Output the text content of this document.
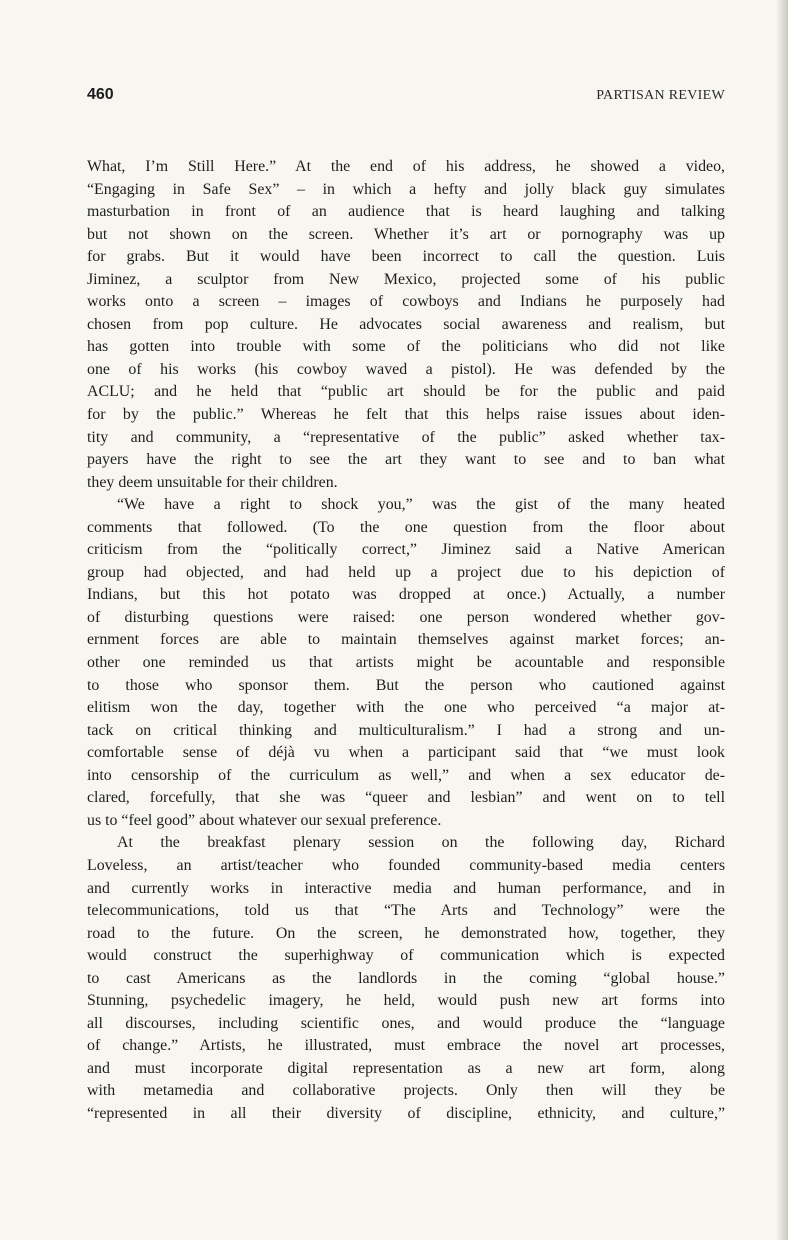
460	PARTISAN REVIEW

What, I’m Still Here.” At the end of his address, he showed a video,

“Engaging in Safe Sex” – in which a hefty and jolly black guy simulates

masturbation in front of an audience that is heard laughing and talking

but not shown on the screen. Whether it’s art or pornography was up

for grabs. But it would have been incorrect to call the question. Luis

Jiminez, a sculptor from New Mexico, projected some of his public

works onto a screen – images of cowboys and Indians he purposely had

chosen from pop culture. He advocates social awareness and realism, but

has gotten into trouble with some of the politicians who did not like

one of his works (his cowboy waved a pistol). He was defended by the

ACLU; and he held that “public art should be for the public and paid

for by the public.” Whereas he felt that this helps raise issues about iden-

tity and community, a “representative of the public” asked whether tax-

payers have the right to see the art they want to see and to ban what

they deem unsuitable for their children.

“We have a right to shock you,” was the gist of the many heated

comments that followed. (To the one question from the floor about

criticism from the “politically correct,” Jiminez said a Native American

group had objected, and had held up a project due to his depiction of

Indians, but this hot potato was dropped at once.) Actually, a number

of disturbing questions were raised: one person wondered whether gov-

ernment forces are able to maintain themselves against market forces; an-

other one reminded us that artists might be acountable and responsible

to those who sponsor them. But the person who cautioned against

elitism won the day, together with the one who perceived “a major at-

tack on critical thinking and multiculturalism.” I had a strong and un-

comfortable sense of déjà vu when a participant said that “we must look

into censorship of the curriculum as well,” and when a sex educator de-

clared, forcefully, that she was “queer and lesbian” and went on to tell

us to “feel good” about whatever our sexual preference.

At the breakfast plenary session on the following day, Richard

Loveless, an artist/teacher who founded community-based media centers

and currently works in interactive media and human performance, and in

telecommunications, told us that “The Arts and Technology” were the

road to the future. On the screen, he demonstrated how, together, they

would construct the superhighway of communication which is expected

to cast Americans as the landlords in the coming “global house.”

Stunning, psychedelic imagery, he held, would push new art forms into

all discourses, including scientific ones, and would produce the “language

of change.” Artists, he illustrated, must embrace the novel art processes,

and must incorporate digital representation as a new art form, along

with metamedia and collaborative projects. Only then will they be

“represented in all their diversity of discipline, ethnicity, and culture,”
